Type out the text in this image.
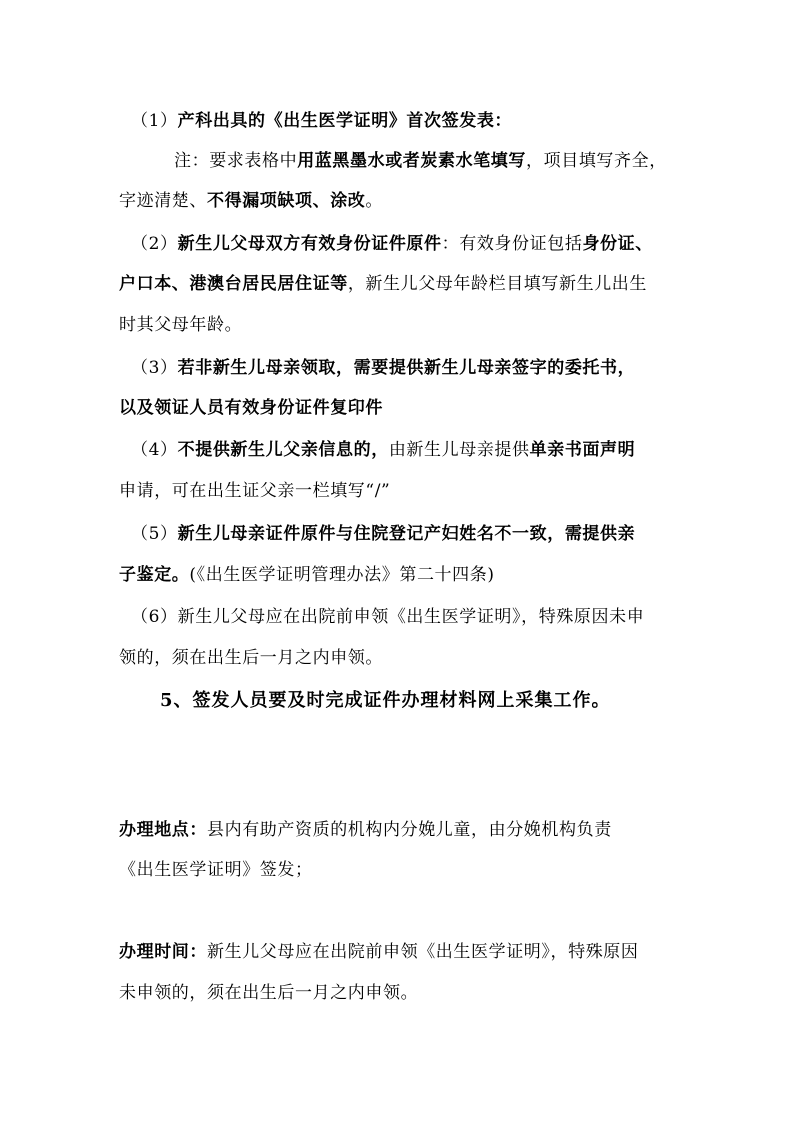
（1）产科出具的《出生医学证明》首次签发表：
注：要求表格中用蓝黑墨水或者炭素水笔填写，项目填写齐全，
字迹清楚、不得漏项缺项、涂改。
（2）新生儿父母双方有效身份证件原件：有效身份证包括身份证、
户口本、港澳台居民居住证等，新生儿父母年龄栏目填写新生儿出生
时其父母年龄。
（3）若非新生儿母亲领取，需要提供新生儿母亲签字的委托书，
以及领证人员有效身份证件复印件
（4）不提供新生儿父亲信息的，由新生儿母亲提供单亲书面声明
申请，可在出生证父亲一栏填写“/”
（5）新生儿母亲证件原件与住院登记产妇姓名不一致，需提供亲
子鉴定。(《出生医学证明管理办法》第二十四条)
（6）新生儿父母应在出院前申领《出生医学证明》，特殊原因未申
领的，须在出生后一月之内申领。
5、签发人员要及时完成证件办理材料网上采集工作。
办理地点：县内有助产资质的机构内分娩儿童，由分娩机构负责
《出生医学证明》签发；
办理时间：新生儿父母应在出院前申领《出生医学证明》，特殊原因
未申领的，须在出生后一月之内申领。
